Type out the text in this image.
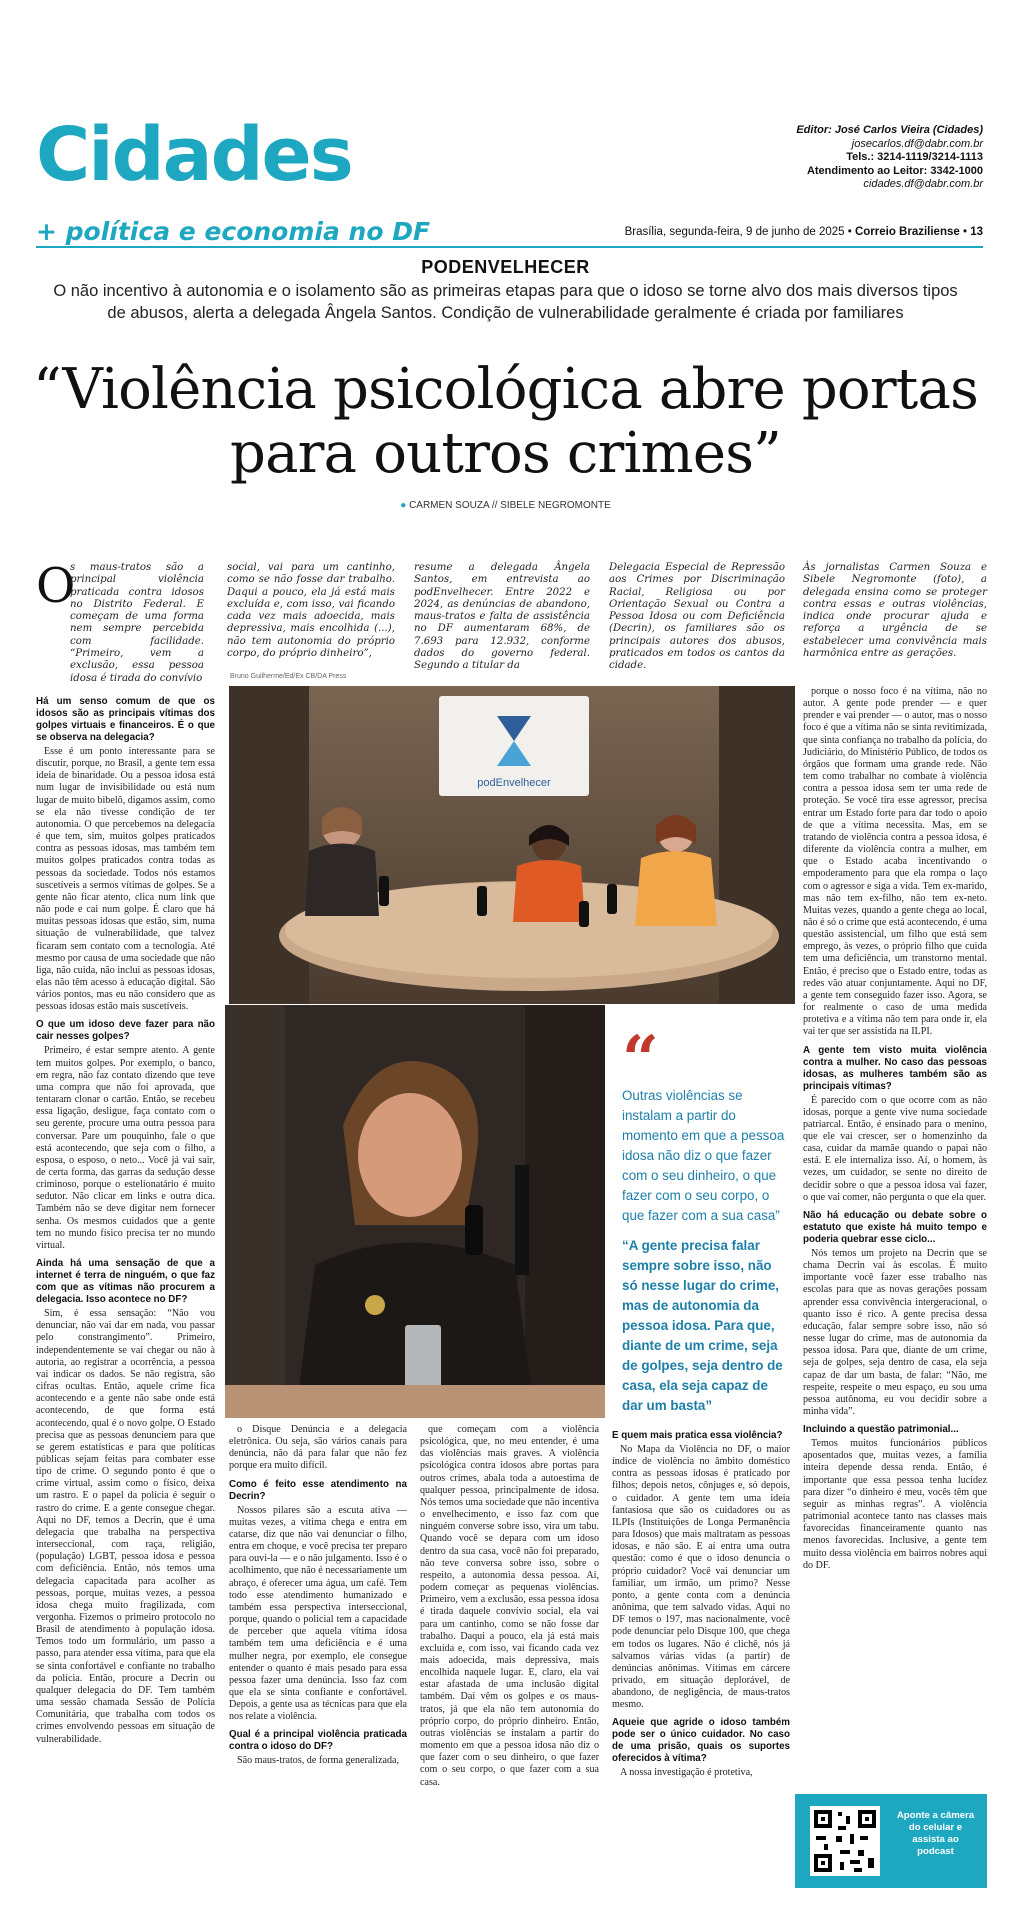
Cidades
+ política e economia no DF
Editor: José Carlos Vieira (Cidades)
josecarlos.df@dabr.com.br
Tels.: 3214-1119/3214-1113
Atendimento ao Leitor: 3342-1000
cidades.df@dabr.com.br
Brasília, segunda-feira, 9 de junho de 2025 • Correio Braziliense • 13
PODENVELHECER
O não incentivo à autonomia e o isolamento são as primeiras etapas para que o idoso se torne alvo dos mais diversos tipos de abusos, alerta a delegada Ângela Santos. Condição de vulnerabilidade geralmente é criada por familiares
“Violência psicológica abre portas para outros crimes”
● CARMEN SOUZA // SIBELE NEGROMONTE
O
s maus-tratos são a principal violência praticada contra idosos no Distrito Federal. E começam de uma forma nem sempre percebida com facilidade. “Primeiro, vem a exclusão, essa pessoa idosa é tirada do convívio
social, vai para um cantinho, como se não fosse dar trabalho. Daqui a pouco, ela já está mais excluída e, com isso, vai ficando cada vez mais adoecida, mais depressiva, mais encolhida (...), não tem autonomia do próprio corpo, do próprio dinheiro”,
resume a delegada Ângela Santos, em entrevista ao podEnvelhecer. Entre 2022 e 2024, as denúncias de abandono, maus-tratos e falta de assistência no DF aumentaram 68%, de 7.693 para 12.932, conforme dados do governo federal. Segundo a titular da
Delegacia Especial de Repressão aos Crimes por Discriminação Racial, Religiosa ou por Orientação Sexual ou Contra a Pessoa Idosa ou com Deficiência (Decrin), os familiares são os principais autores dos abusos, praticados em todos os cantos da cidade.
Às jornalistas Carmen Souza e Sibele Negromonte (foto), a delegada ensina como se proteger contra essas e outras violências, indica onde procurar ajuda e reforça a urgência de se estabelecer uma convivência mais harmônica entre as gerações.
Bruno Guilherme/Ed/Ex CB/DA Press
podEnvelhecer
“
Outras violências se instalam a partir do momento em que a pessoa idosa não diz o que fazer com o seu dinheiro, o que fazer com o seu corpo, o que fazer com a sua casa”
“A gente precisa falar sempre sobre isso, não só nesse lugar do crime, mas de autonomia da pessoa idosa. Para que, diante de um crime, seja de golpes, seja dentro de casa, ela seja capaz de dar um basta”
Há um senso comum de que os idosos são as principais vítimas dos golpes virtuais e financeiros. É o que se observa na delegacia?

Esse é um ponto interessante para se discutir, porque, no Brasil, a gente tem essa ideia de binaridade. Ou a pessoa idosa está num lugar de invisibilidade ou está num lugar de muito bibelô, digamos assim, como se ela não tivesse condição de ter autonomia. O que percebemos na delegacia é que tem, sim, muitos golpes praticados contra as pessoas idosas, mas também tem muitos golpes praticados contra todas as pessoas da sociedade. Todos nós estamos suscetíveis a sermos vítimas de golpes. Se a gente não ficar atento, clica num link que não pode e cai num golpe. É claro que há muitas pessoas idosas que estão, sim, numa situação de vulnerabilidade, que talvez ficaram sem contato com a tecnologia. Até mesmo por causa de uma sociedade que não liga, não cuida, não inclui as pessoas idosas, elas não têm acesso à educação digital. São vários pontos, mas eu não considero que as pessoas idosas estão mais suscetíveis.

O que um idoso deve fazer para não cair nesses golpes?

Primeiro, é estar sempre atento. A gente tem muitos golpes. Por exemplo, o banco, em regra, não faz contato dizendo que teve uma compra que não foi aprovada, que tentaram clonar o cartão. Então, se recebeu essa ligação, desligue, faça contato com o seu gerente, procure uma outra pessoa para conversar. Pare um pouquinho, fale o que está acontecendo, que seja com o filho, a esposa, o esposo, o neto... Você já vai sair, de certa forma, das garras da sedução desse criminoso, porque o estelionatário é muito sedutor. Não clicar em links e outra dica. Também não se deve digitar nem fornecer senha. Os mesmos cuidados que a gente tem no mundo físico precisa ter no mundo virtual.

Ainda há uma sensação de que a internet é terra de ninguém, o que faz com que as vítimas não procurem a delegacia. Isso acontece no DF?

Sim, é essa sensação: “Não vou denunciar, não vai dar em nada, vou passar pelo constrangimento”. Primeiro, independentemente se vai chegar ou não à autoria, ao registrar a ocorrência, a pessoa vai indicar os dados. Se não registra, são cifras ocultas. Então, aquele crime fica acontecendo e a gente não sabe onde está acontecendo, de que forma está acontecendo, qual é o novo golpe. O Estado precisa que as pessoas denunciem para que se gerem estatísticas e para que políticas públicas sejam feitas para combater esse tipo de crime. O segundo ponto é que o crime virtual, assim como o físico, deixa um rastro. E o papel da polícia é seguir o rastro do crime. E a gente consegue chegar. Aqui no DF, temos a Decrin, que é uma delegacia que trabalha na perspectiva interseccional, com raça, religião, (população) LGBT, pessoa idosa e pessoa com deficiência. Então, nós temos uma delegacia capacitada para acolher as pessoas, porque, muitas vezes, a pessoa idosa chega muito fragilizada, com vergonha. Fizemos o primeiro protocolo no Brasil de atendimento à população idosa. Temos todo um formulário, um passo a passo, para atender essa vítima, para que ela se sinta confortável e confiante no trabalho da polícia. Então, procure a Decrin ou qualquer delegacia do DF. Tem também uma sessão chamada Sessão de Polícia Comunitária, que trabalha com todos os crimes envolvendo pessoas em situação de vulnerabilidade.

o Disque Denúncia e a delegacia eletrônica. Ou seja, são vários canais para denúncia, não dá para falar que não fez porque era muito difícil.

Como é feito esse atendimento na Decrin?

Nossos pilares são a escuta ativa — muitas vezes, a vítima chega e entra em catarse, diz que não vai denunciar o filho, entra em choque, e você precisa ter preparo para ouvi-la — e o não julgamento. Isso é o acolhimento, que não é necessariamente um abraço, é oferecer uma água, um café. Tem todo esse atendimento humanizado e também essa perspectiva interseccional, porque, quando o policial tem a capacidade de perceber que aquela vítima idosa também tem uma deficiência e é uma mulher negra, por exemplo, ele consegue entender o quanto é mais pesado para essa pessoa fazer uma denúncia. Isso faz com que ela se sinta confiante e confortável. Depois, a gente usa as técnicas para que ela nos relate a violência.

Qual é a principal violência praticada contra o idoso do DF?

São maus-tratos, de forma generalizada,

que começam com a violência psicológica, que, no meu entender, é uma das violências mais graves. A violência psicológica contra idosos abre portas para outros crimes, abala toda a autoestima de qualquer pessoa, principalmente de idosa. Nós temos uma sociedade que não incentiva o envelhecimento, e isso faz com que ninguém converse sobre isso, vira um tabu. Quando você se depara com um idoso dentro da sua casa, você não foi preparado, não teve conversa sobre isso, sobre o respeito, a autonomia dessa pessoa. Aí, podem começar as pequenas violências. Primeiro, vem a exclusão, essa pessoa idosa é tirada daquele convívio social, ela vai para um cantinho, como se não fosse dar trabalho. Daqui a pouco, ela já está mais excluída e, com isso, vai ficando cada vez mais adoecida, mais depressiva, mais encolhida naquele lugar. E, claro, ela vai estar afastada de uma inclusão digital também. Daí vêm os golpes e os maus-tratos, já que ela não tem autonomia do próprio corpo, do próprio dinheiro. Então, outras violências se instalam a partir do momento em que a pessoa idosa não diz o que fazer com o seu dinheiro, o que fazer com o seu corpo, o que fazer com a sua casa.

E quem mais pratica essa violência?

No Mapa da Violência no DF, o maior índice de violência no âmbito doméstico contra as pessoas idosas é praticado por filhos; depois netos, cônjuges e, só depois, o cuidador. A gente tem uma ideia fantasiosa que são os cuidadores ou as ILPIs (Instituições de Longa Permanência para Idosos) que mais maltratam as pessoas idosas, e não são. E aí entra uma outra questão: como é que o idoso denuncia o próprio cuidador? Você vai denunciar um familiar, um irmão, um primo? Nesse ponto, a gente conta com a denúncia anônima, que tem salvado vidas. Aqui no DF temos o 197, mas nacionalmente, você pode denunciar pelo Disque 100, que chega em todos os lugares. Não é clichê, nós já salvamos várias vidas (a partir) de denúncias anônimas. Vítimas em cárcere privado, em situação deplorável, de abandono, de negligência, de maus-tratos mesmo.

Aqueie que agride o idoso também pode ser o único cuidador. No caso de uma prisão, quais os suportes oferecidos à vítima?

A nossa investigação é protetiva,

porque o nosso foco é na vítima, não no autor. A gente pode prender — e quer prender e vai prender — o autor, mas o nosso foco é que a vítima não se sinta revitimizada, que sinta confiança no trabalho da polícia, do Judiciário, do Ministério Público, de todos os órgãos que formam uma grande rede. Não tem como trabalhar no combate à violência contra a pessoa idosa sem ter uma rede de proteção. Se você tira esse agressor, precisa entrar um Estado forte para dar todo o apoio de que a vítima necessita. Mas, em se tratando de violência contra a pessoa idosa, é diferente da violência contra a mulher, em que o Estado acaba incentivando o empoderamento para que ela rompa o laço com o agressor e siga a vida. Tem ex-marido, mas não tem ex-filho, não tem ex-neto. Muitas vezes, quando a gente chega ao local, não é só o crime que está acontecendo, é uma questão assistencial, um filho que está sem emprego, às vezes, o próprio filho que cuida tem uma deficiência, um transtorno mental. Então, é preciso que o Estado entre, todas as redes vão atuar conjuntamente. Aqui no DF, a gente tem conseguido fazer isso. Agora, se for realmente o caso de uma medida protetiva e a vítima não tem para onde ir, ela vai ter que ser assistida na ILPI.

A gente tem visto muita violência contra a mulher. No caso das pessoas idosas, as mulheres também são as principais vítimas?

É parecido com o que ocorre com as não idosas, porque a gente vive numa sociedade patriarcal. Então, é ensinado para o menino, que ele vai crescer, ser o homenzinho da casa, cuidar da mamãe quando o papai não está. E ele internaliza isso. Aí, o homem, às vezes, um cuidador, se sente no direito de decidir sobre o que a pessoa idosa vai fazer, o que vai comer, não pergunta o que ela quer.

Não há educação ou debate sobre o estatuto que existe há muito tempo e poderia quebrar esse ciclo...

Nós temos um projeto na Decrin que se chama Decrin vai às escolas. É muito importante você fazer esse trabalho nas escolas para que as novas gerações possam aprender essa convivência intergeracional, o quanto isso é rico. A gente precisa dessa educação, falar sempre sobre isso, não só nesse lugar do crime, mas de autonomia da pessoa idosa. Para que, diante de um crime, seja de golpes, seja dentro de casa, ela seja capaz de dar um basta, de falar: “Não, me respeite, respeite o meu espaço, eu sou uma pessoa autônoma, eu vou decidir sobre a minha vida”.

Incluindo a questão patrimonial...

Temos muitos funcionários públicos aposentados que, muitas vezes, a família inteira depende dessa renda. Então, é importante que essa pessoa tenha lucidez para dizer “o dinheiro é meu, vocês têm que seguir as minhas regras”. A violência patrimonial acontece tanto nas classes mais favorecidas financeiramente quanto nas menos favorecidas. Inclusive, a gente tem muito dessa violência em bairros nobres aqui do DF.

Aponte a câmera do celular e assista ao podcast
